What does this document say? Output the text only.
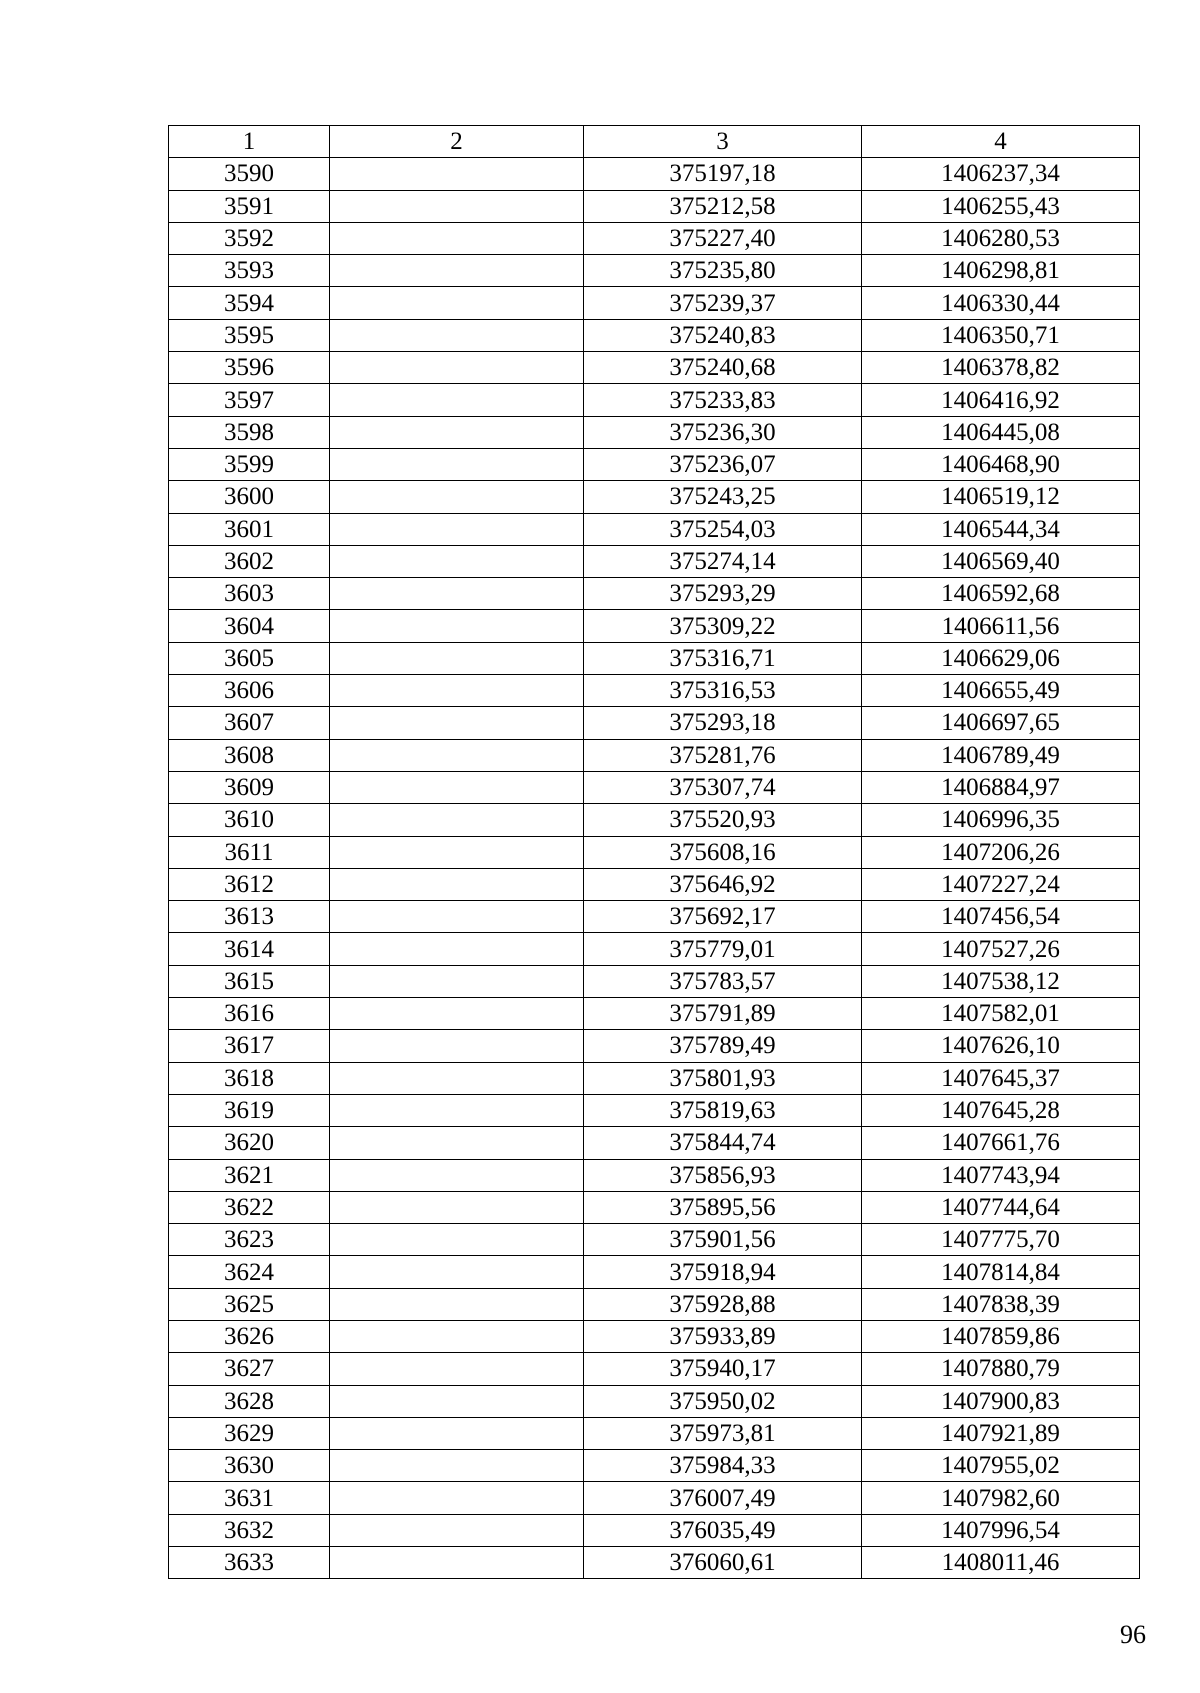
1	2	3	4
3590		375197,18	1406237,34
3591		375212,58	1406255,43
3592		375227,40	1406280,53
3593		375235,80	1406298,81
3594		375239,37	1406330,44
3595		375240,83	1406350,71
3596		375240,68	1406378,82
3597		375233,83	1406416,92
3598		375236,30	1406445,08
3599		375236,07	1406468,90
3600		375243,25	1406519,12
3601		375254,03	1406544,34
3602		375274,14	1406569,40
3603		375293,29	1406592,68
3604		375309,22	1406611,56
3605		375316,71	1406629,06
3606		375316,53	1406655,49
3607		375293,18	1406697,65
3608		375281,76	1406789,49
3609		375307,74	1406884,97
3610		375520,93	1406996,35
3611		375608,16	1407206,26
3612		375646,92	1407227,24
3613		375692,17	1407456,54
3614		375779,01	1407527,26
3615		375783,57	1407538,12
3616		375791,89	1407582,01
3617		375789,49	1407626,10
3618		375801,93	1407645,37
3619		375819,63	1407645,28
3620		375844,74	1407661,76
3621		375856,93	1407743,94
3622		375895,56	1407744,64
3623		375901,56	1407775,70
3624		375918,94	1407814,84
3625		375928,88	1407838,39
3626		375933,89	1407859,86
3627		375940,17	1407880,79
3628		375950,02	1407900,83
3629		375973,81	1407921,89
3630		375984,33	1407955,02
3631		376007,49	1407982,60
3632		376035,49	1407996,54
3633		376060,61	1408011,46
96
